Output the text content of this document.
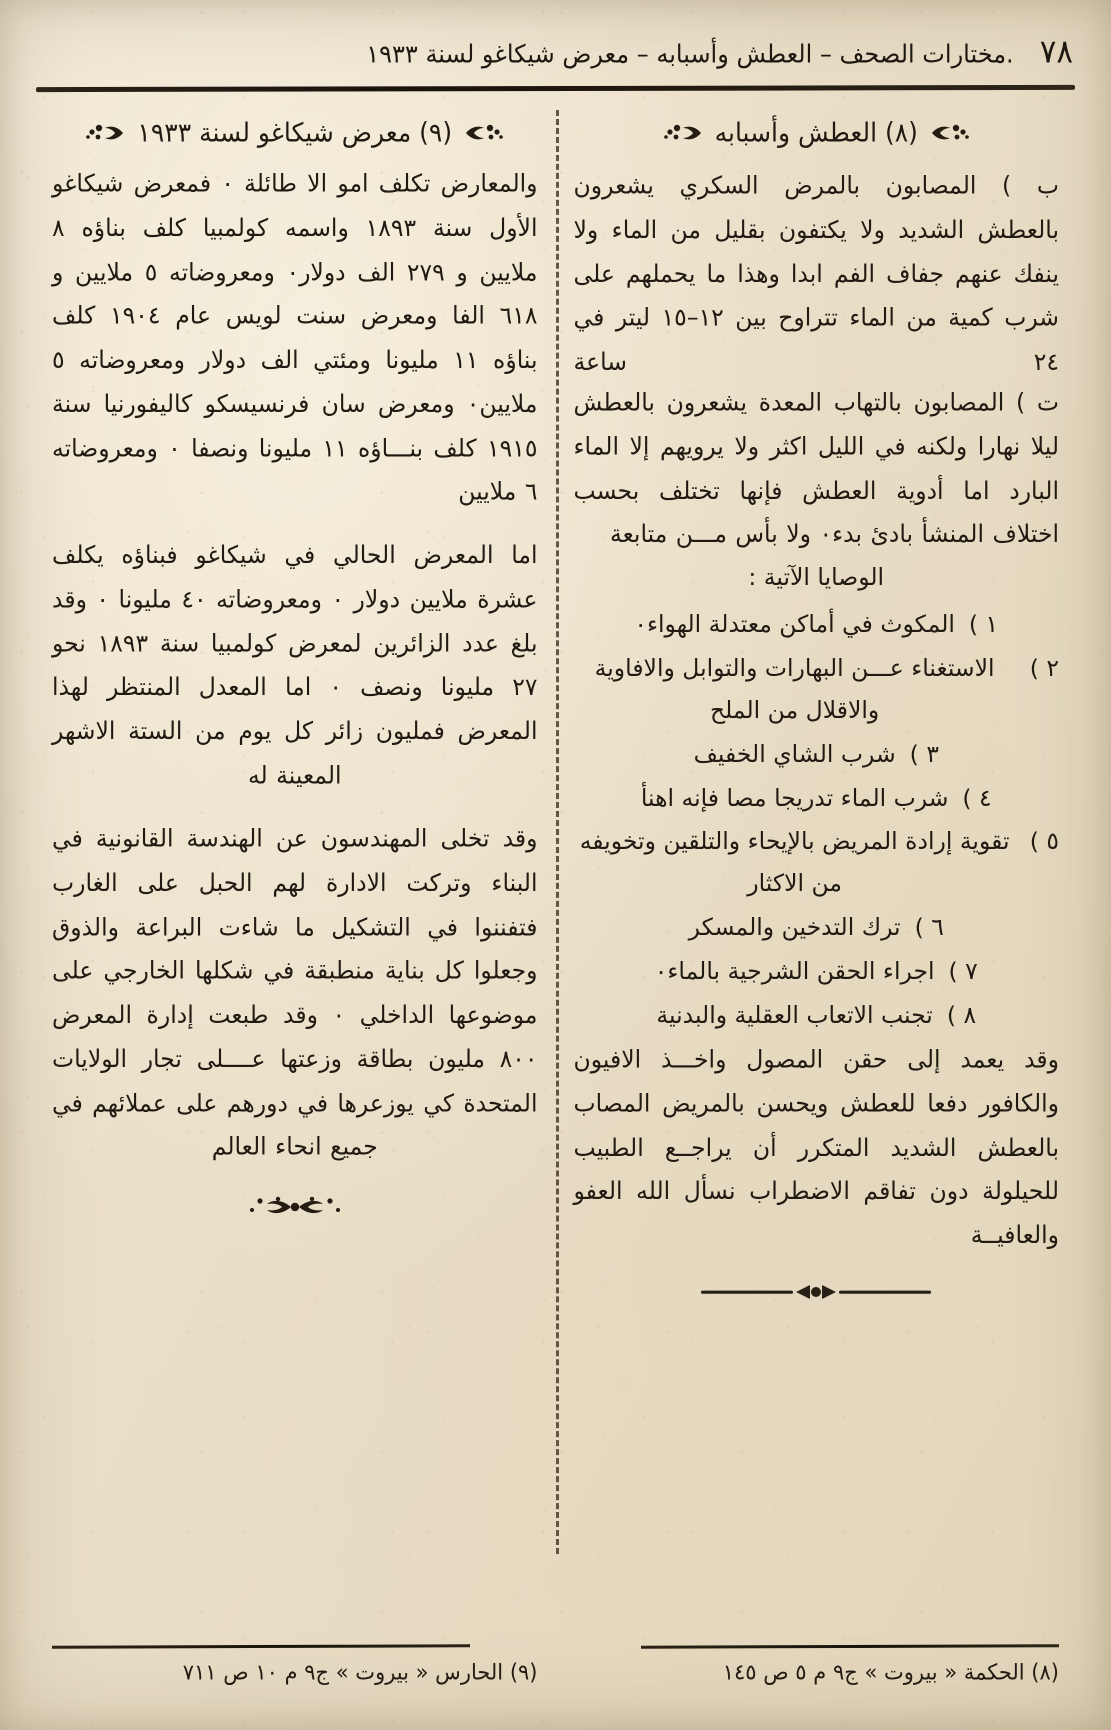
٧٨
.مختارات الصحف – العطش وأسبابه – معرض شيكاغو لسنة ١٩٣٣
(٨) العطش وأسبابه

ب ) المصابون بالمرض السكري يشعرون بالعطش الشديد ولا يكتفون بقليل من الماء ولا ينفك عنهم جفاف الفم ابدا وهذا ما يحملهم على شرب كمية من الماء تتراوح بين ١٢–١٥ ليتر في ٢٤ ساعة

ت ) المصابون بالتهاب المعدة يشعرون بالعطش ليلا نهارا ولكنه في الليل اكثر ولا يرويهم إلا الماء البارد اما أدوية العطش فإنها تختلف بحسب اختلاف المنشأ بادئ بدء٠ ولا بأس مـــن متابعة

الوصايا الآتية :

١ )
المكوث في أماكن معتدلة الهواء٠
٢ )
الاستغناء عـــن البهارات والتوابل والافاوية والاقلال من الملح
٣ )
شرب الشاي الخفيف
٤ )
شرب الماء تدريجا مصا فإنه اهنأ
٥ )
تقوية إرادة المريض بالإيحاء والتلقين وتخويفه من الاكثار
٦ )
ترك التدخين والمسكر
٧ )
اجراء الحقن الشرجية بالماء٠
٨ )
تجنب الاتعاب العقلية والبدنية

وقد يعمد إلى حقن المصول واخـــذ الافيون والكافور دفعا للعطش ويحسن بالمريض المصاب بالعطش الشديد المتكرر أن يراجــع الطبيب للحيلولة دون تفاقم الاضطراب نسأل الله العفو

والعافيــة

(٩) معرض شيكاغو لسنة ١٩٣٣

والمعارض تكلف امو الا طائلة ٠ فمعرض شيكاغو الأول سنة ١٨٩٣ واسمه كولمبيا كلف بناؤه ٨ ملايين و ٢٧٩ الف دولار٠ ومعروضاته ٥ ملايين و ٦١٨ الفا ومعرض سنت لويس عام ١٩٠٤ كلف بناؤه ١١ مليونا ومئتي الف دولار ومعروضاته ٥ ملايين٠ ومعرض سان فرنسيسكو كاليفورنيا سنة ١٩١٥ كلف بنـــاؤه ١١ مليونا ونصفا ٠ ومعروضاته ٦ ملايين

اما المعرض الحالي في شيكاغو فبناؤه يكلف عشرة ملايين دولار ٠ ومعروضاته ٤٠ مليونا ٠ وقد بلغ عدد الزائرين لمعرض كولمبيا سنة ١٨٩٣ نحو ٢٧ مليونا ونصف ٠ اما المعدل المنتظر لهذا المعرض فمليون زائر كل يوم من الستة الاشهر المعينة له

وقد تخلى المهندسون عن الهندسة القانونية في البناء وتركت الادارة لهم الحبل على الغارب فتفننوا في التشكيل ما شاءت البراعة والذوق وجعلوا كل بناية منطبقة في شكلها الخارجي على موضوعها الداخلي ٠ وقد طبعت إدارة المعرض ٨٠٠ مليون بطاقة وزعتها عــــلى تجار الولايات المتحدة كي يوزعرها في دورهم على عملائهم في جميع انحاء العالم

(٨) الحكمة « بيروت » ج٩ م ٥ ص ١٤٥
(٩) الحارس « بيروت » ج٩ م ١٠ ص ٧١١
